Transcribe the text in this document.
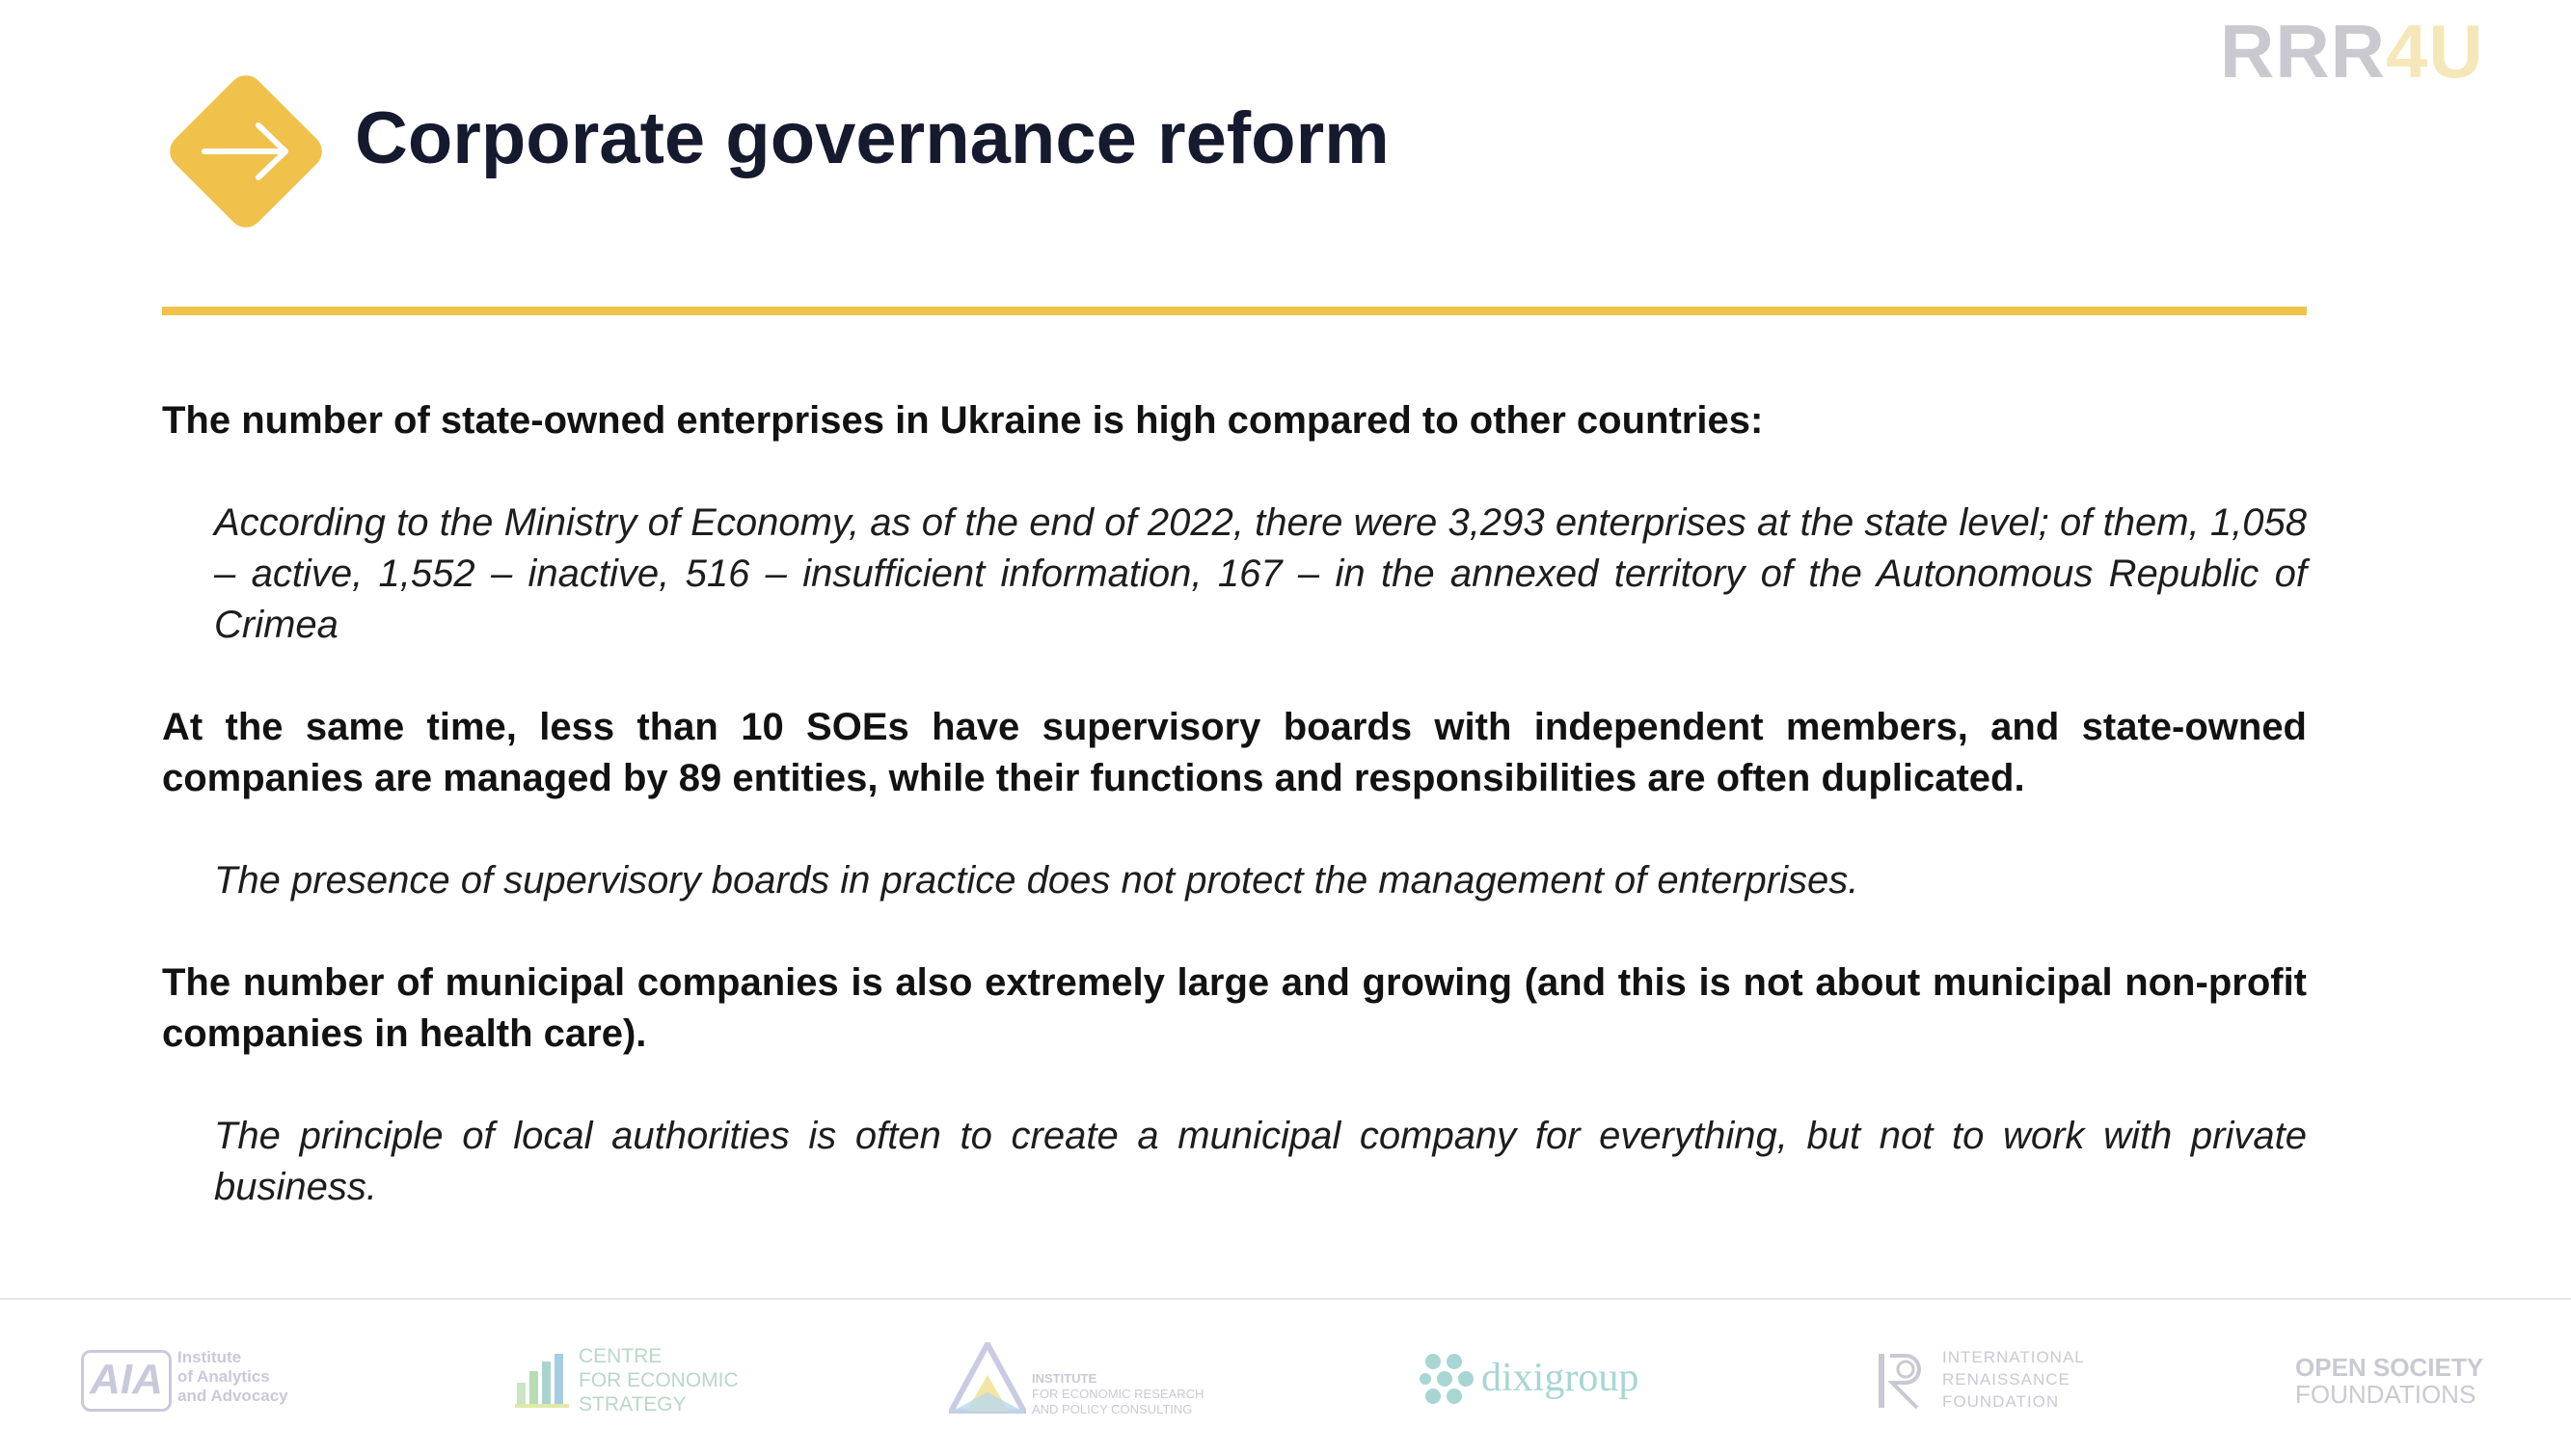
RRR4U
Corporate governance reform

The number of state-owned enterprises in Ukraine is high compared to other countries:

According to the Ministry of Economy, as of the end of 2022, there were 3,293 enterprises at the state level; of them, 1,058 – active, 1,552 – inactive, 516 – insufficient information, 167 – in the annexed territory of the Autonomous Republic of Crimea

At the same time, less than 10 SOEs have supervisory boards with independent members, and state-owned companies are managed by 89 entities, while their functions and responsibilities are often duplicated.

The presence of supervisory boards in practice does not protect the management of enterprises.

The number of municipal companies is also extremely large and growing (and this is not about municipal non-profit companies in health care).

The principle of local authorities is often to create a municipal company for everything, but not to work with private business.

AIA Institute
of Analytics
and Advocacy
CENTRE
FOR ECONOMIC
STRATEGY
INSTITUTE
FOR ECONOMIC RESEARCH
AND POLICY CONSULTING
dixigroup	INTERNATIONAL
RENAISSANCE
FOUNDATION
OPEN SOCIETY
FOUNDATIONS
